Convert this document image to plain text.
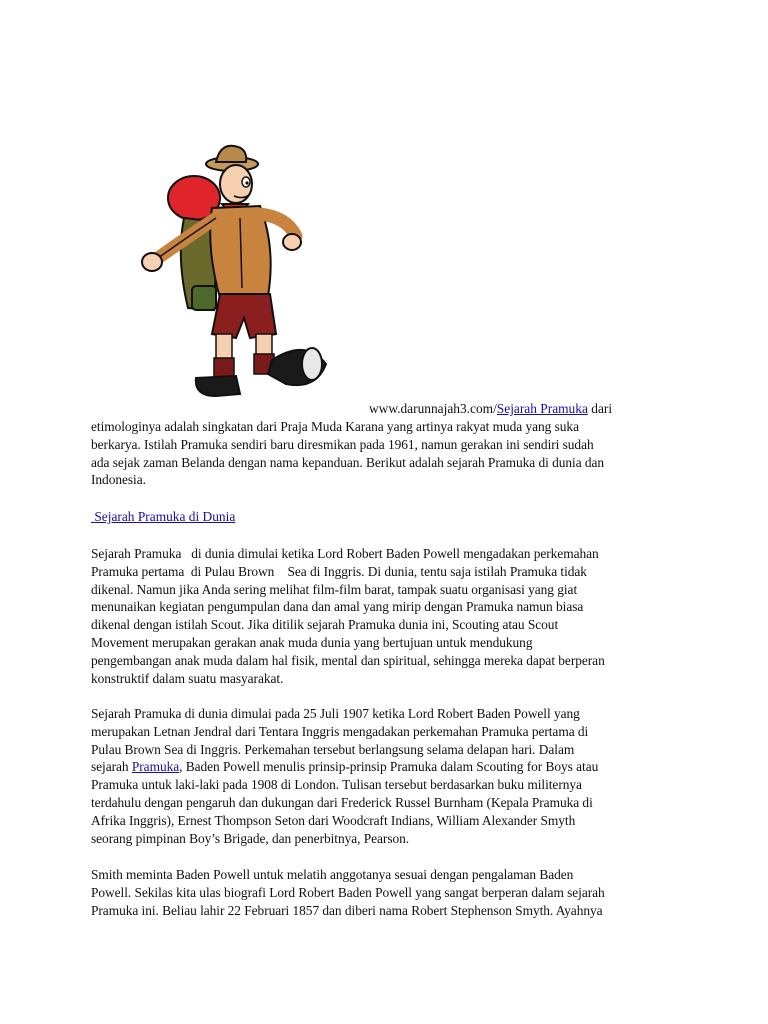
www.darunnajah3.com/Sejarah Pramuka dari
etimologinya adalah singkatan dari Praja Muda Karana yang artinya rakyat muda yang suka
berkarya. Istilah Pramuka sendiri baru diresmikan pada 1961, namun gerakan ini sendiri sudah
ada sejak zaman Belanda dengan nama kepanduan. Berikut adalah sejarah Pramuka di dunia dan
Indonesia.
Sejarah Pramuka di Dunia
Sejarah Pramuka   di dunia dimulai ketika Lord Robert Baden Powell mengadakan perkemahan
Pramuka pertama  di Pulau Brown    Sea di Inggris. Di dunia, tentu saja istilah Pramuka tidak
dikenal. Namun jika Anda sering melihat film-film barat, tampak suatu organisasi yang giat
menunaikan kegiatan pengumpulan dana dan amal yang mirip dengan Pramuka namun biasa
dikenal dengan istilah Scout. Jika ditilik sejarah Pramuka dunia ini, Scouting atau Scout
Movement merupakan gerakan anak muda dunia yang bertujuan untuk mendukung
pengembangan anak muda dalam hal fisik, mental dan spiritual, sehingga mereka dapat berperan
konstruktif dalam suatu masyarakat.
Sejarah Pramuka di dunia dimulai pada 25 Juli 1907 ketika Lord Robert Baden Powell yang
merupakan Letnan Jendral dari Tentara Inggris mengadakan perkemahan Pramuka pertama di
Pulau Brown Sea di Inggris. Perkemahan tersebut berlangsung selama delapan hari. Dalam
sejarah Pramuka, Baden Powell menulis prinsip-prinsip Pramuka dalam Scouting for Boys atau
Pramuka untuk laki-laki pada 1908 di London. Tulisan tersebut berdasarkan buku militernya
terdahulu dengan pengaruh dan dukungan dari Frederick Russel Burnham (Kepala Pramuka di
Afrika Inggris), Ernest Thompson Seton dari Woodcraft Indians, William Alexander Smyth
seorang pimpinan Boy’s Brigade, dan penerbitnya, Pearson.
Smith meminta Baden Powell untuk melatih anggotanya sesuai dengan pengalaman Baden
Powell. Sekilas kita ulas biografi Lord Robert Baden Powell yang sangat berperan dalam sejarah
Pramuka ini. Beliau lahir 22 Februari 1857 dan diberi nama Robert Stephenson Smyth. Ayahnya
